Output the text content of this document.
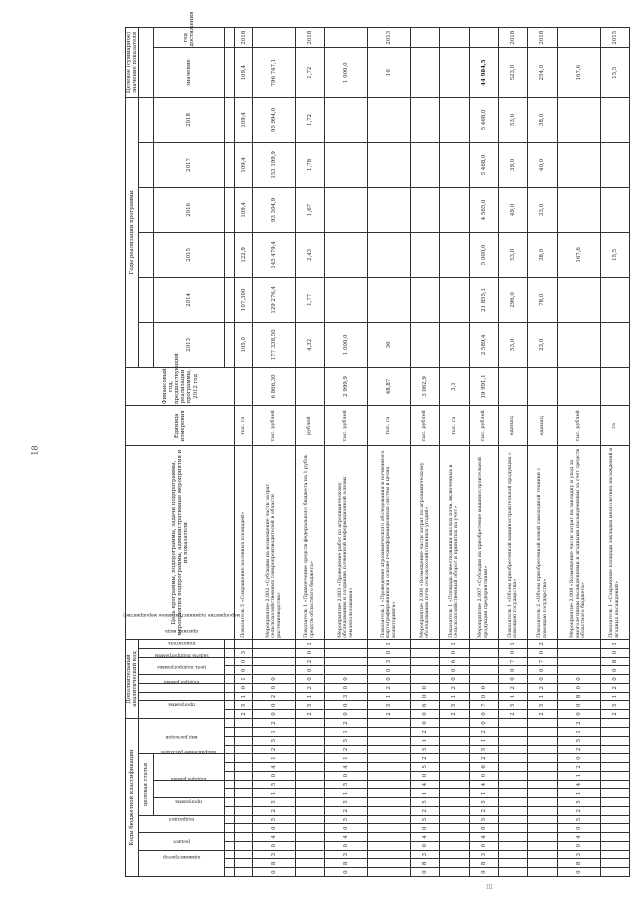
18
Ш
Коды бюджетной классификации																		Дополнительный аналитический код									Цель программы, подпрограммы, задачи подпрограммы, мероприятия подпрограммы, административные мероприятия и их показатели	Единица измерения	Финансовый год, предшествующий реализации программы, 2012 год	Годы реализации программы						Целевое (суммарное) значение показателя	
администратор			раздел		подраздел		целевая статья							вид расходов				программа		подпрограмма	цель подпрограммы	задача подпрограммы	мероприятие (административное мероприятие)		показатель	признак вида											
							программа		подпрограмма		направление расходов																			2013	2014	2015	2016	2017	2018	значение	год достижения

																		2	5	1	0	1	0	0	3		Показатель 5 «Сокращение посевных площадей»	тыс. га		105,0	107,300	122,9	109,4	109,4	109,4	109,4	2018
0	8	3	0	4	0	5	2	5	1	5	0	4	1	2	5	1	2	0	0	2	0	0					Мероприятие 2.002 «Субсидии на возмещение части затрат сельскохозяйственных товаропроизводителей в области растениеводства»	тыс. рублей	6 866,30	177 338,50	129 276,4	145 479,4	93 304,9	153 199,9	95 994,0	796 747,1	
																		2	5	1	2	0	0	2	0	1	Показатель 1 «Привлечение средств федерального бюджета на 1 рубль средств областного бюджета»	рублей		4,32	1,77	2,43	1,67	1,78	1,72	1,72	2018
0	8	3	0	4	0	5	2	5	1	5	0	4	1	2	5	1	2	0	0	3	0	0					Мероприятие 2.003 «Проведение работ по агрохимическому обследованию и созданию почвенной информационной основы землепользования»	тыс. рублей	2 999,9	1 000,0						1 000,0	
																		2	5	1	2	0	0	3	0	1	Показатель 1 «Проведение агрохимического обследования и почвенного картографирования на основе геоинформационных систем в целях мониторинга»	тыс. га	48,87	36						16	2013
0	8	3	0	4	0	5	2	5	1	4	0	5	2	5	1	2	0	0	6	0	0						Мероприятие 2.006 «Возмещение части затрат по агрохимическому обследованию почв сельскохозяйственных угодий»	тыс. рублей	3 062,9								
																		2	5	1	2	0	0	6	0	1	Показатель 1 «Площадь известкования кислых почв, включенных в сельскохозяйственный оборот и принятых на учет»	тыс. га	3,1								
0	8	3	0	4	0	5	2	5	1	4	0	6	2	5	1	2	0	0	7	0	0						Мероприятие 2.007 «Субсидии на приобретение машиностроительной продукции предприятиями»	тыс. рублей	19 991,1	2 589,4	21 855,1	5 000,0	4 565,0	5 468,0	5 468,0	44 984,5	
																		2	5	1	2	0	0	7	0	1	Показатель 1 «Объем приобретенной машиностроительной продукции с помощью государства»	единиц		53,0	296,0	53,0	49,0	39,0	53,0	523,0	2018
																		2	5	1	2	0	0	7	0	2	Показатель 2 «Объем приобретенной новой самоходной техники с помощью государства»	единиц		23,0	78,0	38,0	33,0	40,0	38,0	254,0	2018
0	8	3	0	4	0	5	2	5	1	4	1	2	0	2	5	1	2	0	0	8	0	0					Мероприятие 2.008 «Возмещение части затрат на закладку и уход за многолетними насаждениями и ягодными насаждениями за счет средств областного бюджета»	тыс. рублей				167,6				167,6	
																		2	5	1	2	0	0	8	0	1	Показатель 1 «Сохранение площади закладки многолетних насаждений и ягодных насаждений»	га				15,5				15,5	2015
